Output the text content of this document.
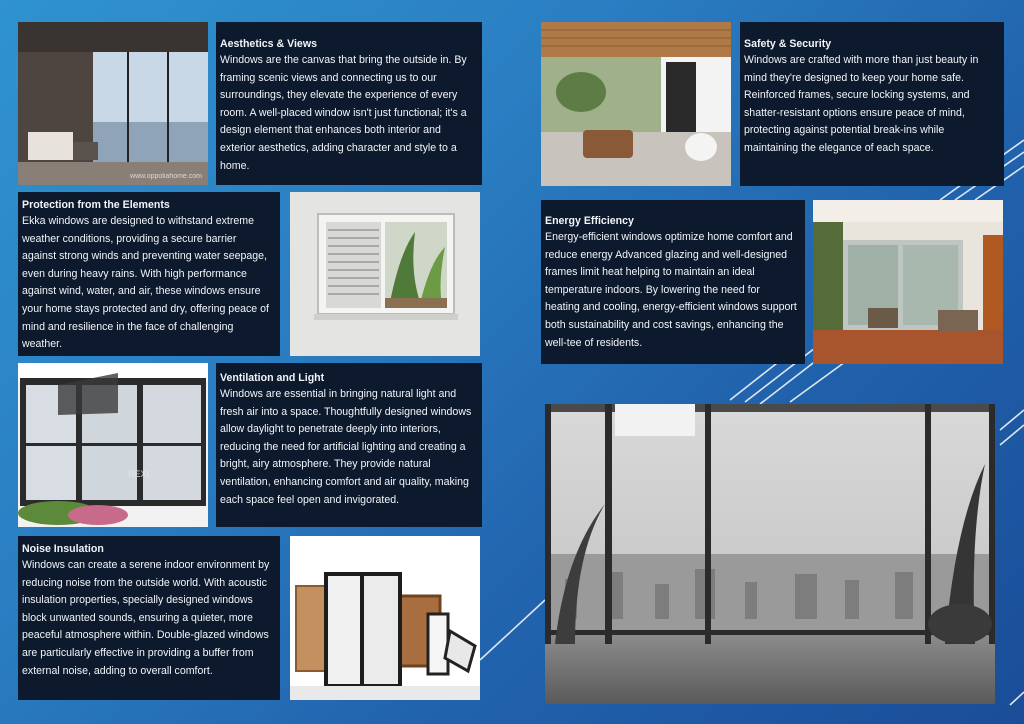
www.oppoliahome.com
Aesthetics & Views

Windows are the canvas that bring the outside in. By framing scenic views and connecting us to our surroundings, they elevate the experience of every room. A well-placed window isn't just functional; it's a design element that enhances both interior and exterior aesthetics, adding character and style to a home.

Protection from the Elements

Ekka windows are designed to withstand extreme weather conditions, providing a secure barrier against strong winds and preventing water seepage, even during heavy rains. With high performance against wind, water, and air, these windows ensure your home stays protected and dry, offering peace of mind and resilience in the face of challenging weather.

REXI
Ventilation and Light

Windows are essential in bringing natural light and fresh air into a space. Thoughtfully designed windows allow daylight to penetrate deeply into interiors, reducing the need for artificial lighting and creating a bright, airy atmosphere. They provide natural ventilation, enhancing comfort and air quality, making each space feel open and invigorated.

Noise Insulation

Windows can create a serene indoor environment by reducing noise from the outside world. With acoustic insulation properties, specially designed windows block unwanted sounds, ensuring a quieter, more peaceful atmosphere within. Double-glazed windows are particularly effective in providing a buffer from external noise, adding to overall comfort.

Safety & Security

Windows are crafted with more than just beauty in mind they're designed to keep your home safe. Reinforced frames, secure locking systems, and shatter-resistant options ensure peace of mind, protecting against potential break-ins while maintaining the elegance of each space.

Energy Efficiency

Energy-efficient windows optimize home comfort and reduce energy Advanced glazing and well-designed frames limit heat helping to maintain an ideal temperature indoors. By lowering the need for heating and cooling, energy-efficient windows support both sustainability and cost savings, enhancing the well-tee of residents.
